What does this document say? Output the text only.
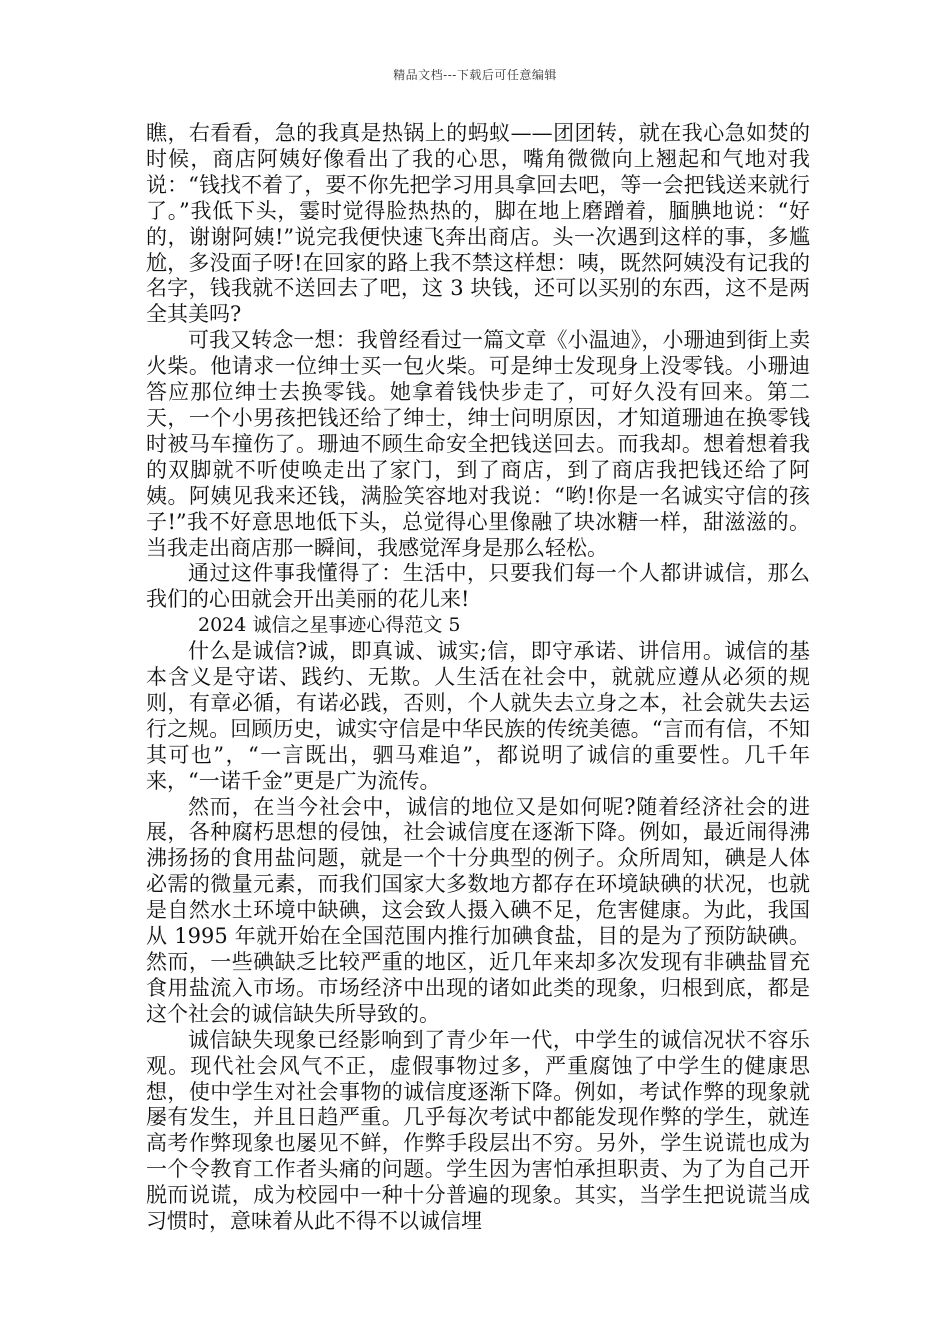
精品文档---下载后可任意编辑

瞧，右看看，急的我真是热锅上的蚂蚁——团团转，就在我心急如焚的时候，商店阿姨好像看出了我的心思，嘴角微微向上翘起和气地对我说：“钱找不着了，要不你先把学习用具拿回去吧，等一会把钱送来就行了。”我低下头，霎时觉得脸热热的，脚在地上磨蹭着，腼腆地说：“好的，谢谢阿姨!”说完我便快速飞奔出商店。头一次遇到这样的事，多尴尬，多没面子呀!在回家的路上我不禁这样想：咦，既然阿姨没有记我的名字，钱我就不送回去了吧，这 3 块钱，还可以买别的东西，这不是两全其美吗?

可我又转念一想：我曾经看过一篇文章《小温迪》，小珊迪到街上卖火柴。他请求一位绅士买一包火柴。可是绅士发现身上没零钱。小珊迪答应那位绅士去换零钱。她拿着钱快步走了，可好久没有回来。第二天，一个小男孩把钱还给了绅士，绅士问明原因，才知道珊迪在换零钱时被马车撞伤了。珊迪不顾生命安全把钱送回去。而我却。想着想着我的双脚就不听使唤走出了家门，到了商店，到了商店我把钱还给了阿姨。阿姨见我来还钱，满脸笑容地对我说：“哟!你是一名诚实守信的孩子!”我不好意思地低下头，总觉得心里像融了块冰糖一样，甜滋滋的。当我走出商店那一瞬间，我感觉浑身是那么轻松。

通过这件事我懂得了：生活中，只要我们每一个人都讲诚信，那么我们的心田就会开出美丽的花儿来!

2024 诚信之星事迹心得范文 5

什么是诚信?诚，即真诚、诚实;信，即守承诺、讲信用。诚信的基本含义是守诺、践约、无欺。人生活在社会中，就就应遵从必须的规则，有章必循，有诺必践，否则，个人就失去立身之本，社会就失去运行之规。回顾历史，诚实守信是中华民族的传统美德。“言而有信，不知其可也”，“一言既出，驷马难追”，都说明了诚信的重要性。几千年来，“一诺千金”更是广为流传。

然而，在当今社会中，诚信的地位又是如何呢?随着经济社会的进展，各种腐朽思想的侵蚀，社会诚信度在逐渐下降。例如，最近闹得沸沸扬扬的食用盐问题，就是一个十分典型的例子。众所周知，碘是人体必需的微量元素，而我们国家大多数地方都存在环境缺碘的状况，也就是自然水土环境中缺碘，这会致人摄入碘不足，危害健康。为此，我国从 1995 年就开始在全国范围内推行加碘食盐，目的是为了预防缺碘。然而，一些碘缺乏比较严重的地区，近几年来却多次发现有非碘盐冒充食用盐流入市场。市场经济中出现的诸如此类的现象，归根到底，都是这个社会的诚信缺失所导致的。

诚信缺失现象已经影响到了青少年一代，中学生的诚信况状不容乐观。现代社会风气不正，虚假事物过多，严重腐蚀了中学生的健康思想，使中学生对社会事物的诚信度逐渐下降。例如，考试作弊的现象就屡有发生，并且日趋严重。几乎每次考试中都能发现作弊的学生，就连高考作弊现象也屡见不鲜，作弊手段层出不穷。另外，学生说谎也成为一个令教育工作者头痛的问题。学生因为害怕承担职责、为了为自己开脱而说谎，成为校园中一种十分普遍的现象。其实，当学生把说谎当成习惯时，意味着从此不得不以诚信埋
